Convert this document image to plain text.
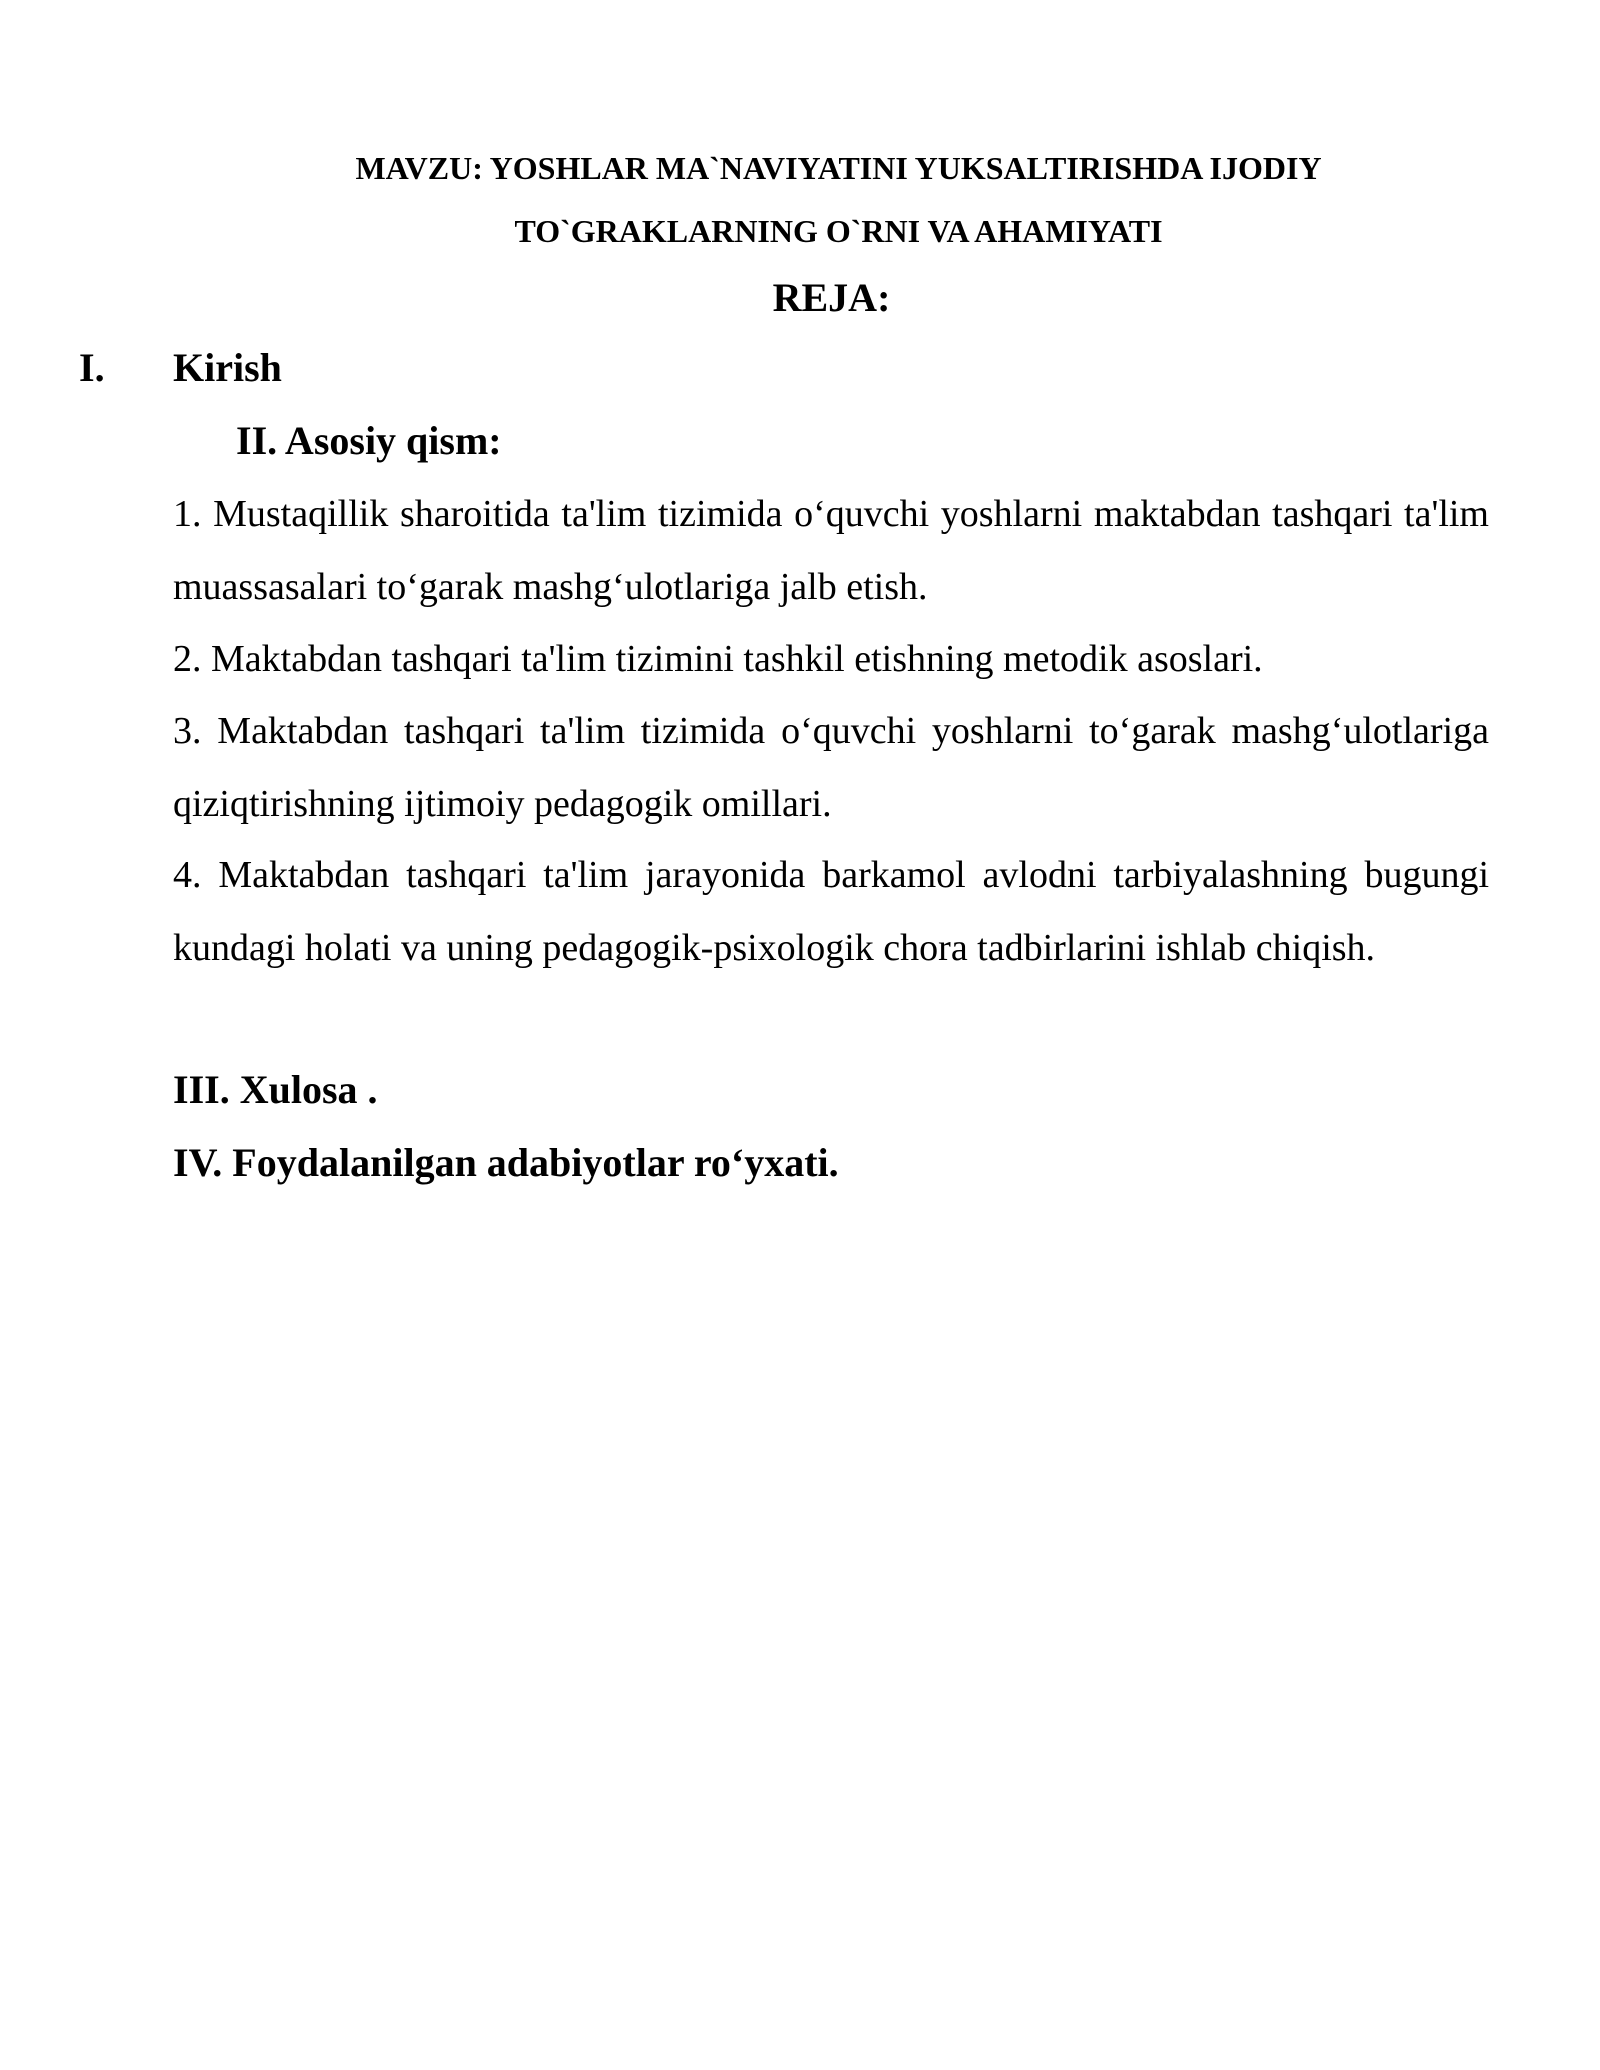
MAVZU: YOSHLAR MA`NAVIYATINI YUKSALTIRISHDA IJODIY
TO`GRAKLARNING O`RNI VA AHAMIYATI
REJA:
I. Kirish
II. Asosiy qism:
1. Mustaqillik sharoitida ta'lim tizimida o‘quvchi yoshlarni maktabdan tashqari ta'lim muassasalari to‘garak mashg‘ulotlariga jalb etish.
2. Maktabdan tashqari ta'lim tizimini tashkil etishning metodik asoslari.
3. Maktabdan tashqari ta'lim tizimida o‘quvchi yoshlarni to‘garak mashg‘ulotlariga qiziqtirishning ijtimoiy pedagogik omillari.
4. Maktabdan tashqari ta'lim jarayonida barkamol avlodni tarbiyalashning bugungi kundagi holati va uning pedagogik-psixologik chora tadbirlarini ishlab chiqish.
III. Xulosa .
IV. Foydalanilgan adabiyotlar ro‘yxati.
